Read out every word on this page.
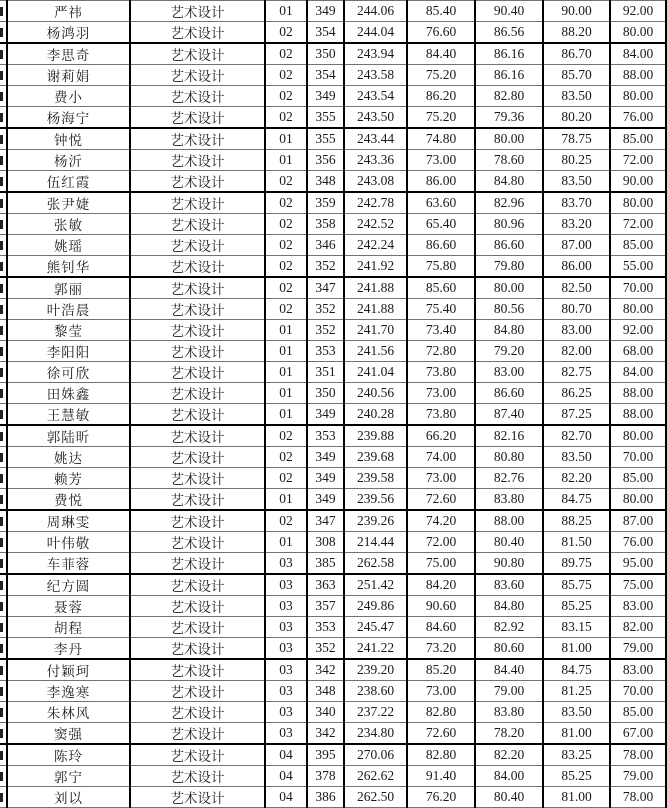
	严祎	艺术设计	01	349	244.06	85.40	90.40	90.00	92.00

	杨鸿羽	艺术设计	02	354	244.04	76.60	86.56	88.20	80.00

	李思奇	艺术设计	02	350	243.94	84.40	86.16	86.70	84.00

	谢莉娟	艺术设计	02	354	243.58	75.20	86.16	85.70	88.00

	费小	艺术设计	02	349	243.54	86.20	82.80	83.50	80.00

	杨海宁	艺术设计	02	355	243.50	75.20	79.36	80.20	76.00

	钟悦	艺术设计	01	355	243.44	74.80	80.00	78.75	85.00

	杨沂	艺术设计	01	356	243.36	73.00	78.60	80.25	72.00

	伍红霞	艺术设计	02	348	243.08	86.00	84.80	83.50	90.00

	张尹婕	艺术设计	02	359	242.78	63.60	82.96	83.70	80.00

	张敏	艺术设计	02	358	242.52	65.40	80.96	83.20	72.00

	姚瑶	艺术设计	02	346	242.24	86.60	86.60	87.00	85.00

	熊钊华	艺术设计	02	352	241.92	75.80	79.80	86.00	55.00

	郭丽	艺术设计	02	347	241.88	85.60	80.00	82.50	70.00

	叶浩晨	艺术设计	02	352	241.88	75.40	80.56	80.70	80.00

	黎莹	艺术设计	01	352	241.70	73.40	84.80	83.00	92.00

	李阳阳	艺术设计	01	353	241.56	72.80	79.20	82.00	68.00

	徐可欣	艺术设计	01	351	241.04	73.80	83.00	82.75	84.00

	田姝鑫	艺术设计	01	350	240.56	73.00	86.60	86.25	88.00

	王慧敏	艺术设计	01	349	240.28	73.80	87.40	87.25	88.00

	郭陆昕	艺术设计	02	353	239.88	66.20	82.16	82.70	80.00

	姚达	艺术设计	02	349	239.68	74.00	80.80	83.50	70.00

	赖芳	艺术设计	02	349	239.58	73.00	82.76	82.20	85.00

	费悦	艺术设计	01	349	239.56	72.60	83.80	84.75	80.00

	周琳雯	艺术设计	02	347	239.26	74.20	88.00	88.25	87.00

	叶伟敬	艺术设计	01	308	214.44	72.00	80.40	81.50	76.00

	车菲蓉	艺术设计	03	385	262.58	75.00	90.80	89.75	95.00

	纪方圆	艺术设计	03	363	251.42	84.20	83.60	85.75	75.00

	聂蓉	艺术设计	03	357	249.86	90.60	84.80	85.25	83.00

	胡程	艺术设计	03	353	245.47	84.60	82.92	83.15	82.00

	李丹	艺术设计	03	352	241.22	73.20	80.60	81.00	79.00

	付颖珂	艺术设计	03	342	239.20	85.20	84.40	84.75	83.00

	李逸寒	艺术设计	03	348	238.60	73.00	79.00	81.25	70.00

	朱林风	艺术设计	03	340	237.22	82.80	83.80	83.50	85.00

	窦强	艺术设计	03	342	234.80	72.60	78.20	81.00	67.00

	陈玲	艺术设计	04	395	270.06	82.80	82.20	83.25	78.00

	郭宁	艺术设计	04	378	262.62	91.40	84.00	85.25	79.00

	刘以	艺术设计	04	386	262.50	76.20	80.40	81.00	78.00
